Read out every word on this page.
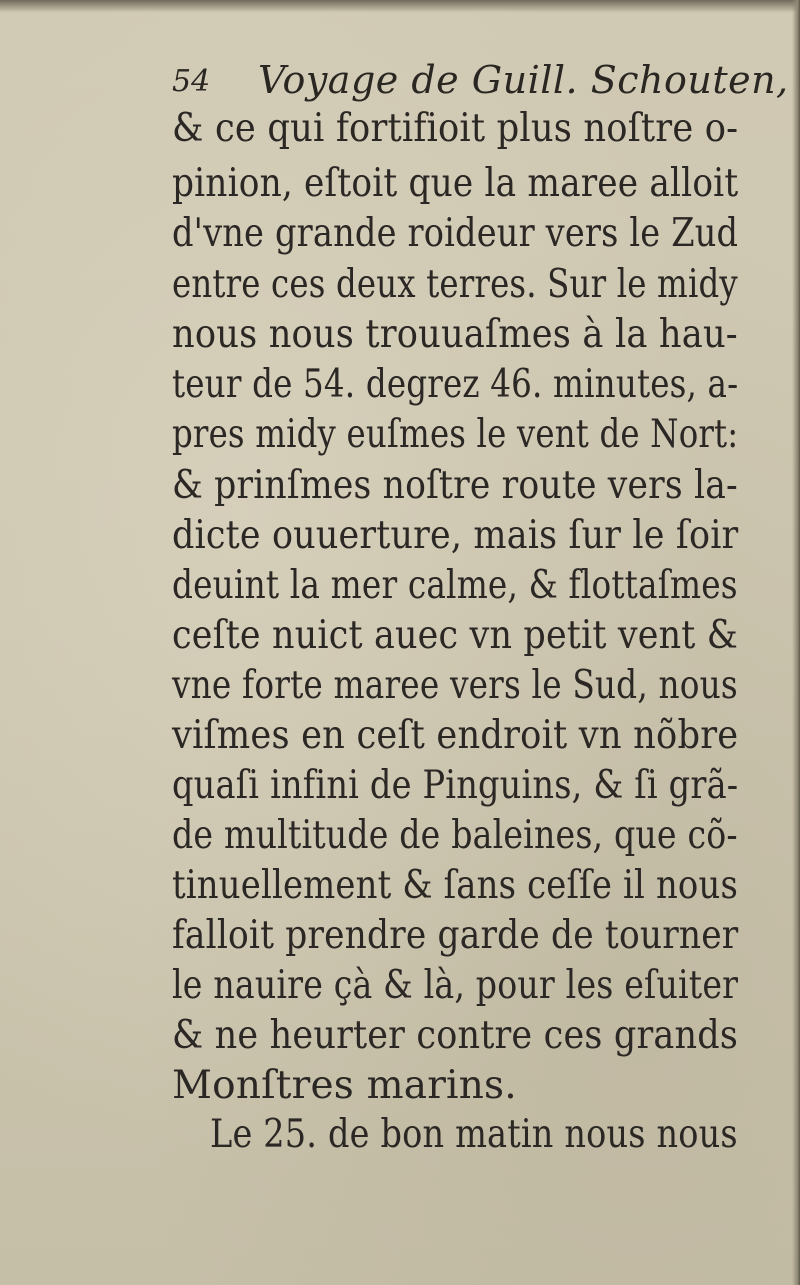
54 Voyage de Guill. Schouten,
& ce qui fortifioit plus noſtre o-
pinion, eſtoit que la maree alloit
d'vne grande roideur vers le Zud
entre ces deux terres. Sur le midy
nous nous trouuaſmes à la hau-
teur de 54. degrez 46. minutes, a-
pres midy euſmes le vent de Nort:
& prinſmes noſtre route vers la-
dicte ouuerture, mais ſur le ſoir
deuint la mer calme, & flottaſmes
ceſte nuict auec vn petit vent &
vne forte maree vers le Sud, nous
viſmes en ceſt endroit vn nõbre
quaſi infini de Pinguins, & ſi grã-
de multitude de baleines, que cõ-
tinuellement & ſans ceſſe il nous
falloit prendre garde de tourner
le nauire çà & là, pour les eſuiter
& ne heurter contre ces grands
Monſtres marins.
Le 25. de bon matin nous nous
